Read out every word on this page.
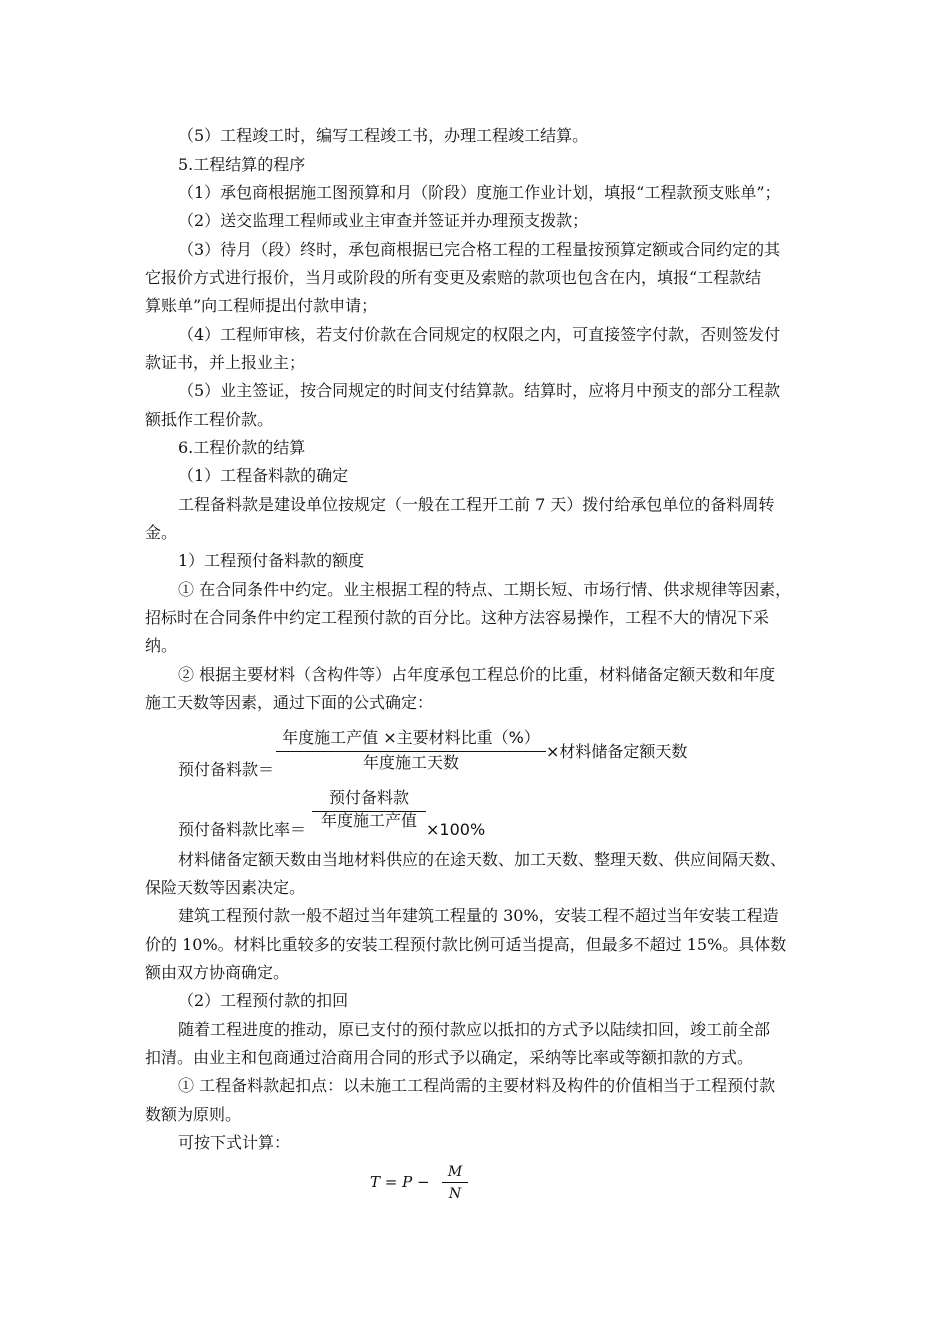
（5）工程竣工时，编写工程竣工书，办理工程竣工结算。
5.工程结算的程序
（1）承包商根据施工图预算和月（阶段）度施工作业计划，填报“工程款预支账单”；
（2）送交监理工程师或业主审查并签证并办理预支拨款；
（3）待月（段）终时，承包商根据已完合格工程的工程量按预算定额或合同约定的其
它报价方式进行报价，当月或阶段的所有变更及索赔的款项也包含在内，填报“工程款结
算账单”向工程师提出付款申请；
（4）工程师审核，若支付价款在合同规定的权限之内，可直接签字付款，否则签发付
款证书，并上报业主；
（5）业主签证，按合同规定的时间支付结算款。结算时，应将月中预支的部分工程款
额抵作工程价款。
6.工程价款的结算
（1）工程备料款的确定
工程备料款是建设单位按规定（一般在工程开工前 7 天）拨付给承包单位的备料周转
金。
1）工程预付备料款的额度
① 在合同条件中约定。业主根据工程的特点、工期长短、市场行情、供求规律等因素，
招标时在合同条件中约定工程预付款的百分比。这种方法容易操作，工程不大的情况下采
纳。
② 根据主要材料（含构件等）占年度承包工程总价的比重，材料储备定额天数和年度
施工天数等因素，通过下面的公式确定：
预付备料款＝
年度施工产值 ×主要材料比重（%）
年度施工天数
×材料储备定额天数
预付备料款比率＝
预付备料款
年度施工产值 ×100%
材料储备定额天数由当地材料供应的在途天数、加工天数、整理天数、供应间隔天数、
保险天数等因素决定。
建筑工程预付款一般不超过当年建筑工程量的 30%，安装工程不超过当年安装工程造
价的 10%。材料比重较多的安装工程预付款比例可适当提高，但最多不超过 15%。具体数
额由双方协商确定。
（2）工程预付款的扣回
随着工程进度的推动，原已支付的预付款应以抵扣的方式予以陆续扣回，竣工前全部
扣清。由业主和包商通过洽商用合同的形式予以确定，采纳等比率或等额扣款的方式。
① 工程备料款起扣点：以未施工工程尚需的主要材料及构件的价值相当于工程预付款
数额为原则。
可按下式计算：
T = P −
M
N
